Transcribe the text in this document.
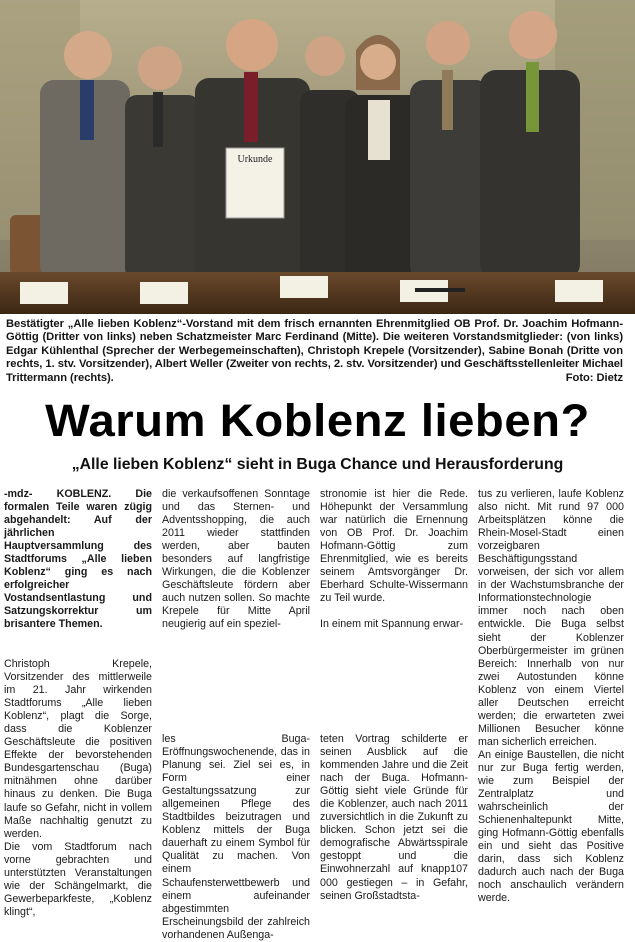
Urkunde
Bestätigter „Alle lieben Koblenz“-Vorstand mit dem frisch ernannten Ehrenmitglied OB Prof. Dr. Joachim Hofmann-Göttig (Dritter von links) neben Schatzmeister Marc Ferdinand (Mitte). Die weiteren Vorstandsmitglieder: (von links) Edgar Kühlenthal (Sprecher der Werbegemeinschaften), Christoph Krepele (Vorsitzender), Sabine Bonah (Dritte von rechts, 1. stv. Vorsitzender), Albert Weller (Zweiter von rechts, 2. stv. Vorsitzender) und Geschäftsstellenleiter Michael Trittermann (rechts).	Foto: Dietz
Warum Koblenz lieben?
„Alle lieben Koblenz“ sieht in Buga Chance und Herausforderung

-mdz- KOBLENZ. Die formalen Teile waren zügig abgehandelt: Auf der jährlichen Hauptversammlung des Stadtforums „Alle lieben Koblenz“ ging es nach erfolgreicher Vostandsentlastung und Satzungskorrektur um brisantere Themen.

Christoph Krepele, Vorsitzender des mittlerweile im 21. Jahr wirkenden Stadtforums „Alle lieben Koblenz“, plagt die Sorge, dass die Koblenzer Geschäftsleute die positiven Effekte der bevorstehenden Bundesgartenschau (Buga) mitnähmen ohne darüber hinaus zu denken. Die Buga laufe so Gefahr, nicht in vollem Maße nachhaltig genutzt zu werden.

Die vom Stadtforum nach vorne gebrachten und unterstützten Veranstaltungen wie der Schängelmarkt, die Gewerbeparkfeste, „Koblenz klingt“,

die verkaufsoffenen Sonntage und das Sternen- und Adventsshopping, die auch 2011 wieder stattfinden werden, aber bauten besonders auf langfristige Wirkungen, die die Koblenzer Geschäftsleute fördern aber auch nutzen sollen. So machte Krepele für Mitte April neugierig auf ein speziel-

les Buga-Eröffnungswochenende, das in Planung sei. Ziel sei es, in Form einer Gestaltungssatzung zur allgemeinen Pflege des Stadtbildes beizutragen und Koblenz mittels der Buga dauerhaft zu einem Symbol für Qualität zu machen. Von einem Schaufensterwettbewerb und einem aufeinander abgestimmten Erscheinungsbild der zahlreich vorhandenen Außenga-

stronomie ist hier die Rede. Höhepunkt der Versammlung war natürlich die Ernennung von OB Prof. Dr. Joachim Hofmann-Göttig zum Ehrenmitglied, wie es bereits seinem Amtsvorgänger Dr. Eberhard Schulte-Wissermann zu Teil wurde.

In einem mit Spannung erwar-

teten Vortrag schilderte er seinen Ausblick auf die kommenden Jahre und die Zeit nach der Buga. Hofmann-Göttig sieht viele Gründe für die Koblenzer, auch nach 2011 zuversichtlich in die Zukunft zu blicken. Schon jetzt sei die demografische Abwärtsspirale gestoppt und die Einwohnerzahl auf knapp107 000 gestiegen – in Gefahr, seinen Großstadtsta-

tus zu verlieren, laufe Koblenz also nicht. Mit rund 97 000 Arbeitsplätzen könne die Rhein-Mosel-Stadt einen vorzeigbaren Beschäftigungsstand vorweisen, der sich vor allem in der Wachstumsbranche der Informationstechnologie immer noch nach oben entwickle. Die Buga selbst sieht der Koblenzer Oberbürgermeister im grünen Bereich: Innerhalb von nur zwei Autostunden könne Koblenz von einem Viertel aller Deutschen erreicht werden; die erwarteten zwei Millionen Besucher könne man sicherlich erreichen.

An einige Baustellen, die nicht nur zur Buga fertig werden, wie zum Beispiel der Zentralplatz und wahrscheinlich der Schienenhaltepunkt Mitte, ging Hofmann-Göttig ebenfalls ein und sieht das Positive darin, dass sich Koblenz dadurch auch nach der Buga noch anschaulich verändern werde.
